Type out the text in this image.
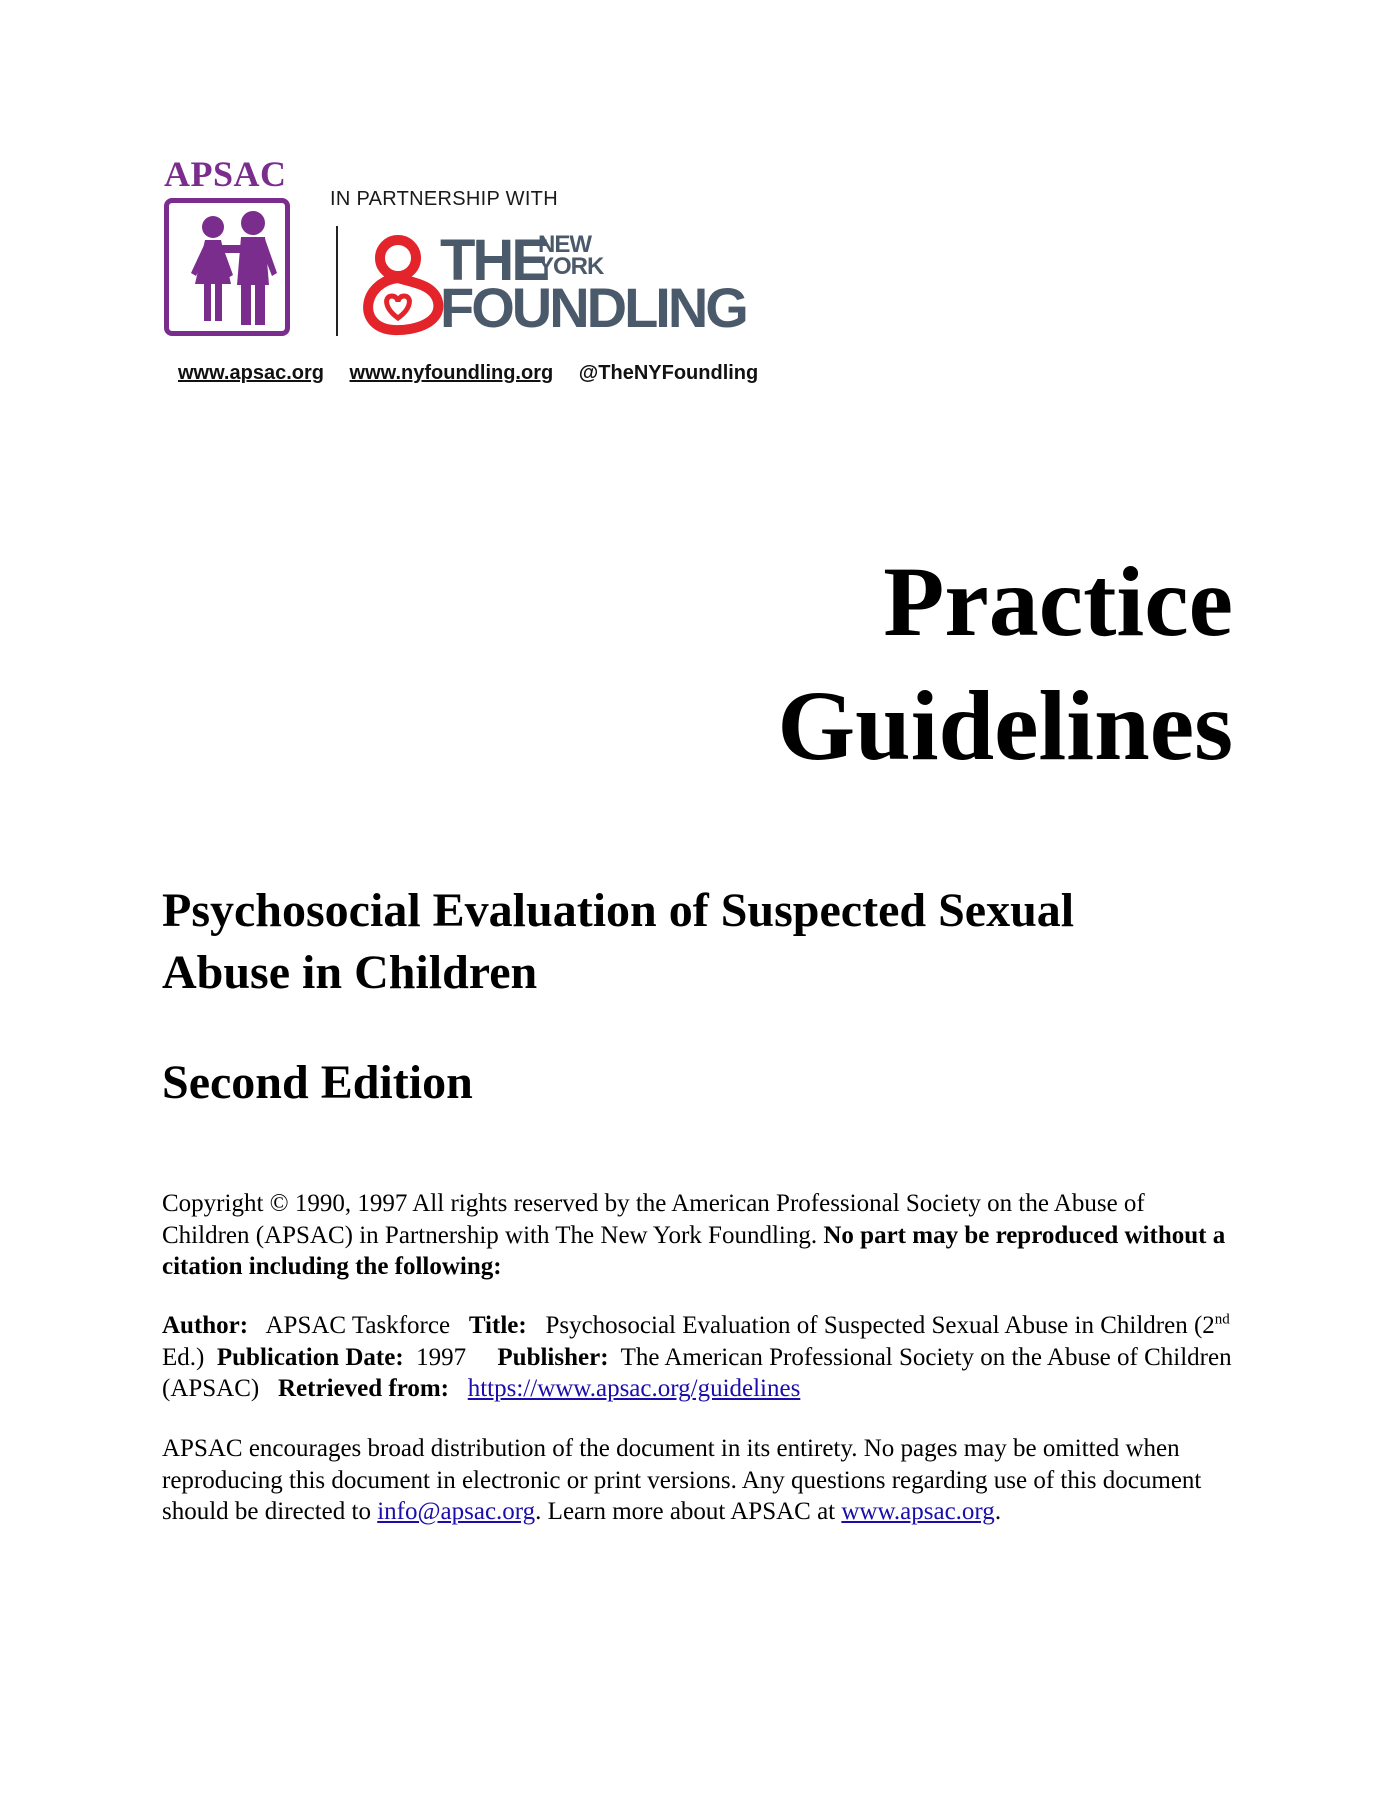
APSAC
IN PARTNERSHIP WITH
THE
NEW
YORK
FOUNDLING
www.apsac.org www.nyfoundling.org @TheNYFoundling
Practice
Guidelines
Psychosocial Evaluation of Suspected Sexual
Abuse in Children
Second Edition
Copyright © 1990, 1997 All rights reserved by the American Professional Society on the Abuse of Children (APSAC) in Partnership with The New York Foundling. No part may be reproduced without a citation including the following:
Author: APSAC Taskforce Title: Psychosocial Evaluation of Suspected Sexual Abuse in Children (2nd Ed.) Publication Date: 1997 Publisher: The American Professional Society on the Abuse of Children (APSAC) Retrieved from: https://www.apsac.org/guidelines
APSAC encourages broad distribution of the document in its entirety. No pages may be omitted when reproducing this document in electronic or print versions. Any questions regarding use of this document should be directed to info@apsac.org. Learn more about APSAC at www.apsac.org.
